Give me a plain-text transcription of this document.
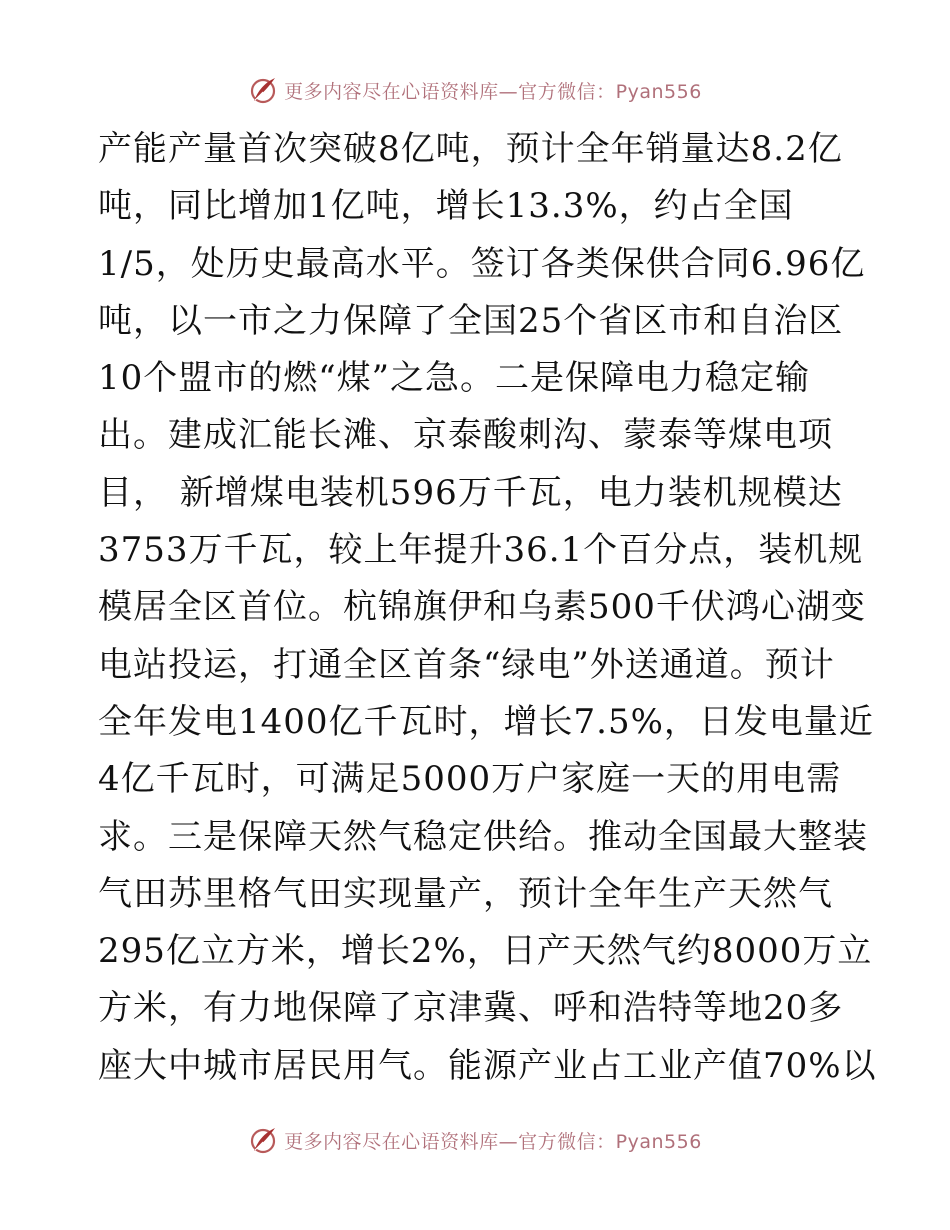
更多内容尽在心语资料库—官方微信：Pyan556
产能产量首次突破8亿吨，预计全年销量达8.2亿
吨，同比增加1亿吨，增长13.3%，约占全国
1/5，处历史最高水平。签订各类保供合同6.96亿
吨，以一市之力保障了全国25个省区市和自治区
10个盟市的燃“煤”之急。二是保障电力稳定输
出。建成汇能长滩、京泰酸刺沟、蒙泰等煤电项
目， 新增煤电装机596万千瓦，电力装机规模达
3753万千瓦，较上年提升36.1个百分点，装机规
模居全区首位。杭锦旗伊和乌素500千伏鸿心湖变
电站投运，打通全区首条“绿电”外送通道。预计
全年发电1400亿千瓦时，增长7.5%，日发电量近
4亿千瓦时，可满足5000万户家庭一天的用电需
求。三是保障天然气稳定供给。推动全国最大整装
气田苏里格气田实现量产，预计全年生产天然气
295亿立方米，增长2%，日产天然气约8000万立
方米，有力地保障了京津冀、呼和浩特等地20多
座大中城市居民用气。能源产业占工业产值70%以
更多内容尽在心语资料库—官方微信：Pyan556
